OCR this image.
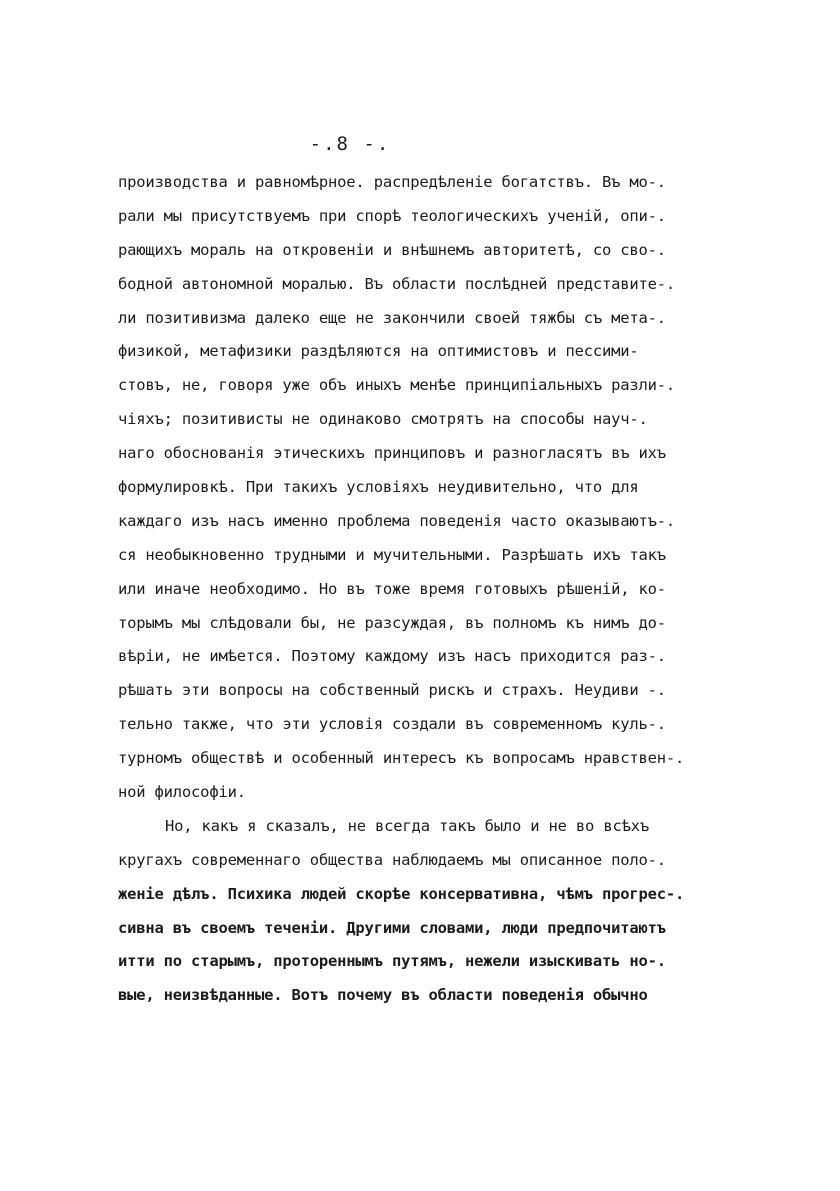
-.8 -.
производства и равномѣрное. распредѣленіе богатствъ. Въ мо-.
рали мы присутствуемъ при спорѣ теологическихъ ученій, опи-.
рающихъ мораль на откровеніи и внѣшнемъ авторитетѣ, со сво-.
бодной автономной моралью. Въ области послѣдней представите-.
ли позитивизма далеко еще не закончили своей тяжбы съ мета-.
физикой, метафизики раздѣляются на оптимистовъ и пессими-
стовъ, не, говоря уже объ иныхъ менѣе принципіальныхъ разли-.
чіяхъ; позитивисты не одинаково смотрятъ на способы науч-.
наго обоснованія этическихъ принциповъ и разногласятъ въ ихъ
формулировкѣ. При такихъ условіяхъ неудивительно, что для
каждаго изъ насъ именно проблема поведенія часто оказываютъ-.
ся необыкновенно трудными и мучительными. Разрѣшать ихъ такъ
или иначе необходимо. Но въ тоже время готовыхъ рѣшеній, ко-
торымъ мы слѣдовали бы, не разсуждая, въ полномъ къ нимъ до-
вѣріи, не имѣется. Поэтому каждому изъ насъ приходится раз-.
рѣшать эти вопросы на собственный рискъ и страхъ. Неудиви -.
тельно также, что эти условія создали въ современномъ куль-.
турномъ обществѣ и особенный интересъ къ вопросамъ нравствен-.
ной философіи.
Но, какъ я сказалъ, не всегда такъ было и не во всѣхъ
кругахъ современнаго общества наблюдаемъ мы описанное поло-.
женіе дѣлъ. Психика людей скорѣе консервативна, чѣмъ прогрес-.
сивна въ своемъ теченіи. Другими словами, люди предпочитаютъ
итти по старымъ, протореннымъ путямъ, нежели изыскивать но-.
вые, неизвѣданные. Вотъ почему въ области поведенія обычно
